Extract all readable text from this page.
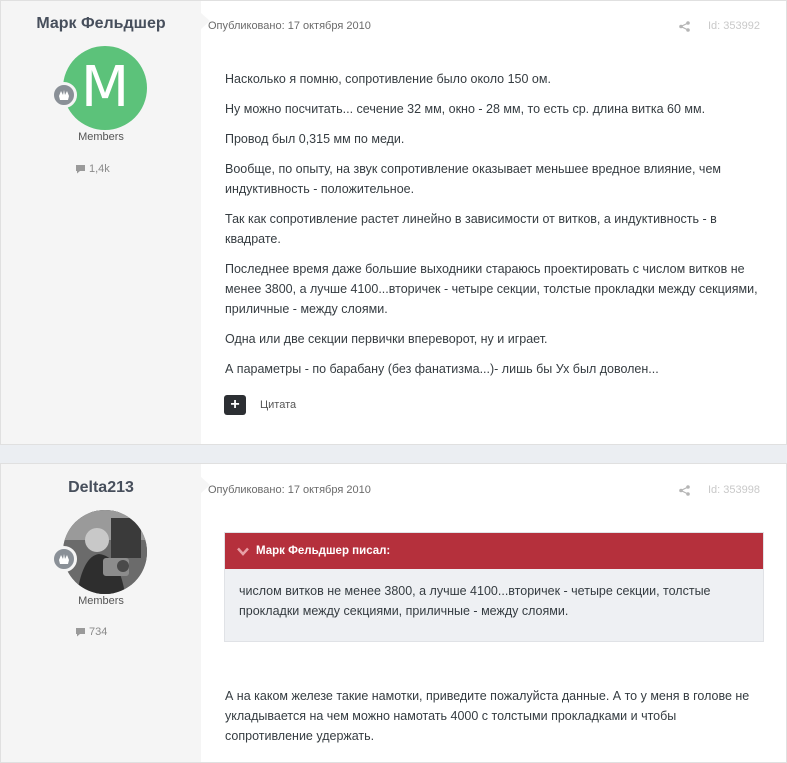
Марк Фельдшер
M
Members
1,4k
Опубликовано: 17 октября 2010	Id: 353992

Насколько я помню, сопротивление было около 150 ом.

Ну можно посчитать... сечение 32 мм, окно - 28 мм, то есть ср. длина витка 60 мм.

Провод был 0,315 мм по меди.

Вообще, по опыту, на звук сопротивление оказывает меньшее вредное влияние, чем индуктивность - положительное.

Так как сопротивление растет линейно в зависимости от витков, а индуктивность - в квадрате.

Последнее время даже большие выходники стараюсь проектировать с числом витков не менее 3800, а лучше 4100...вторичек - четыре секции, толстые прокладки между секциями, приличные - между слоями.

Одна или две секции первички впереворот, ну и играет.

А параметры - по барабану (без фанатизма...)- лишь бы Ух был доволен...

+	Цитата
Delta213
Members
734
Опубликовано: 17 октября 2010	Id: 353998

А на каком железе такие намотки, приведите пожалуйста данные. А то у меня в голове не укладывается на чем можно намотать 4000 с толстыми прокладками и чтобы сопротивление удержать.

Марк Фельдшер писал:
числом витков не менее 3800, а лучше 4100...вторичек - четыре секции, толстые прокладки между секциями, приличные - между слоями.
